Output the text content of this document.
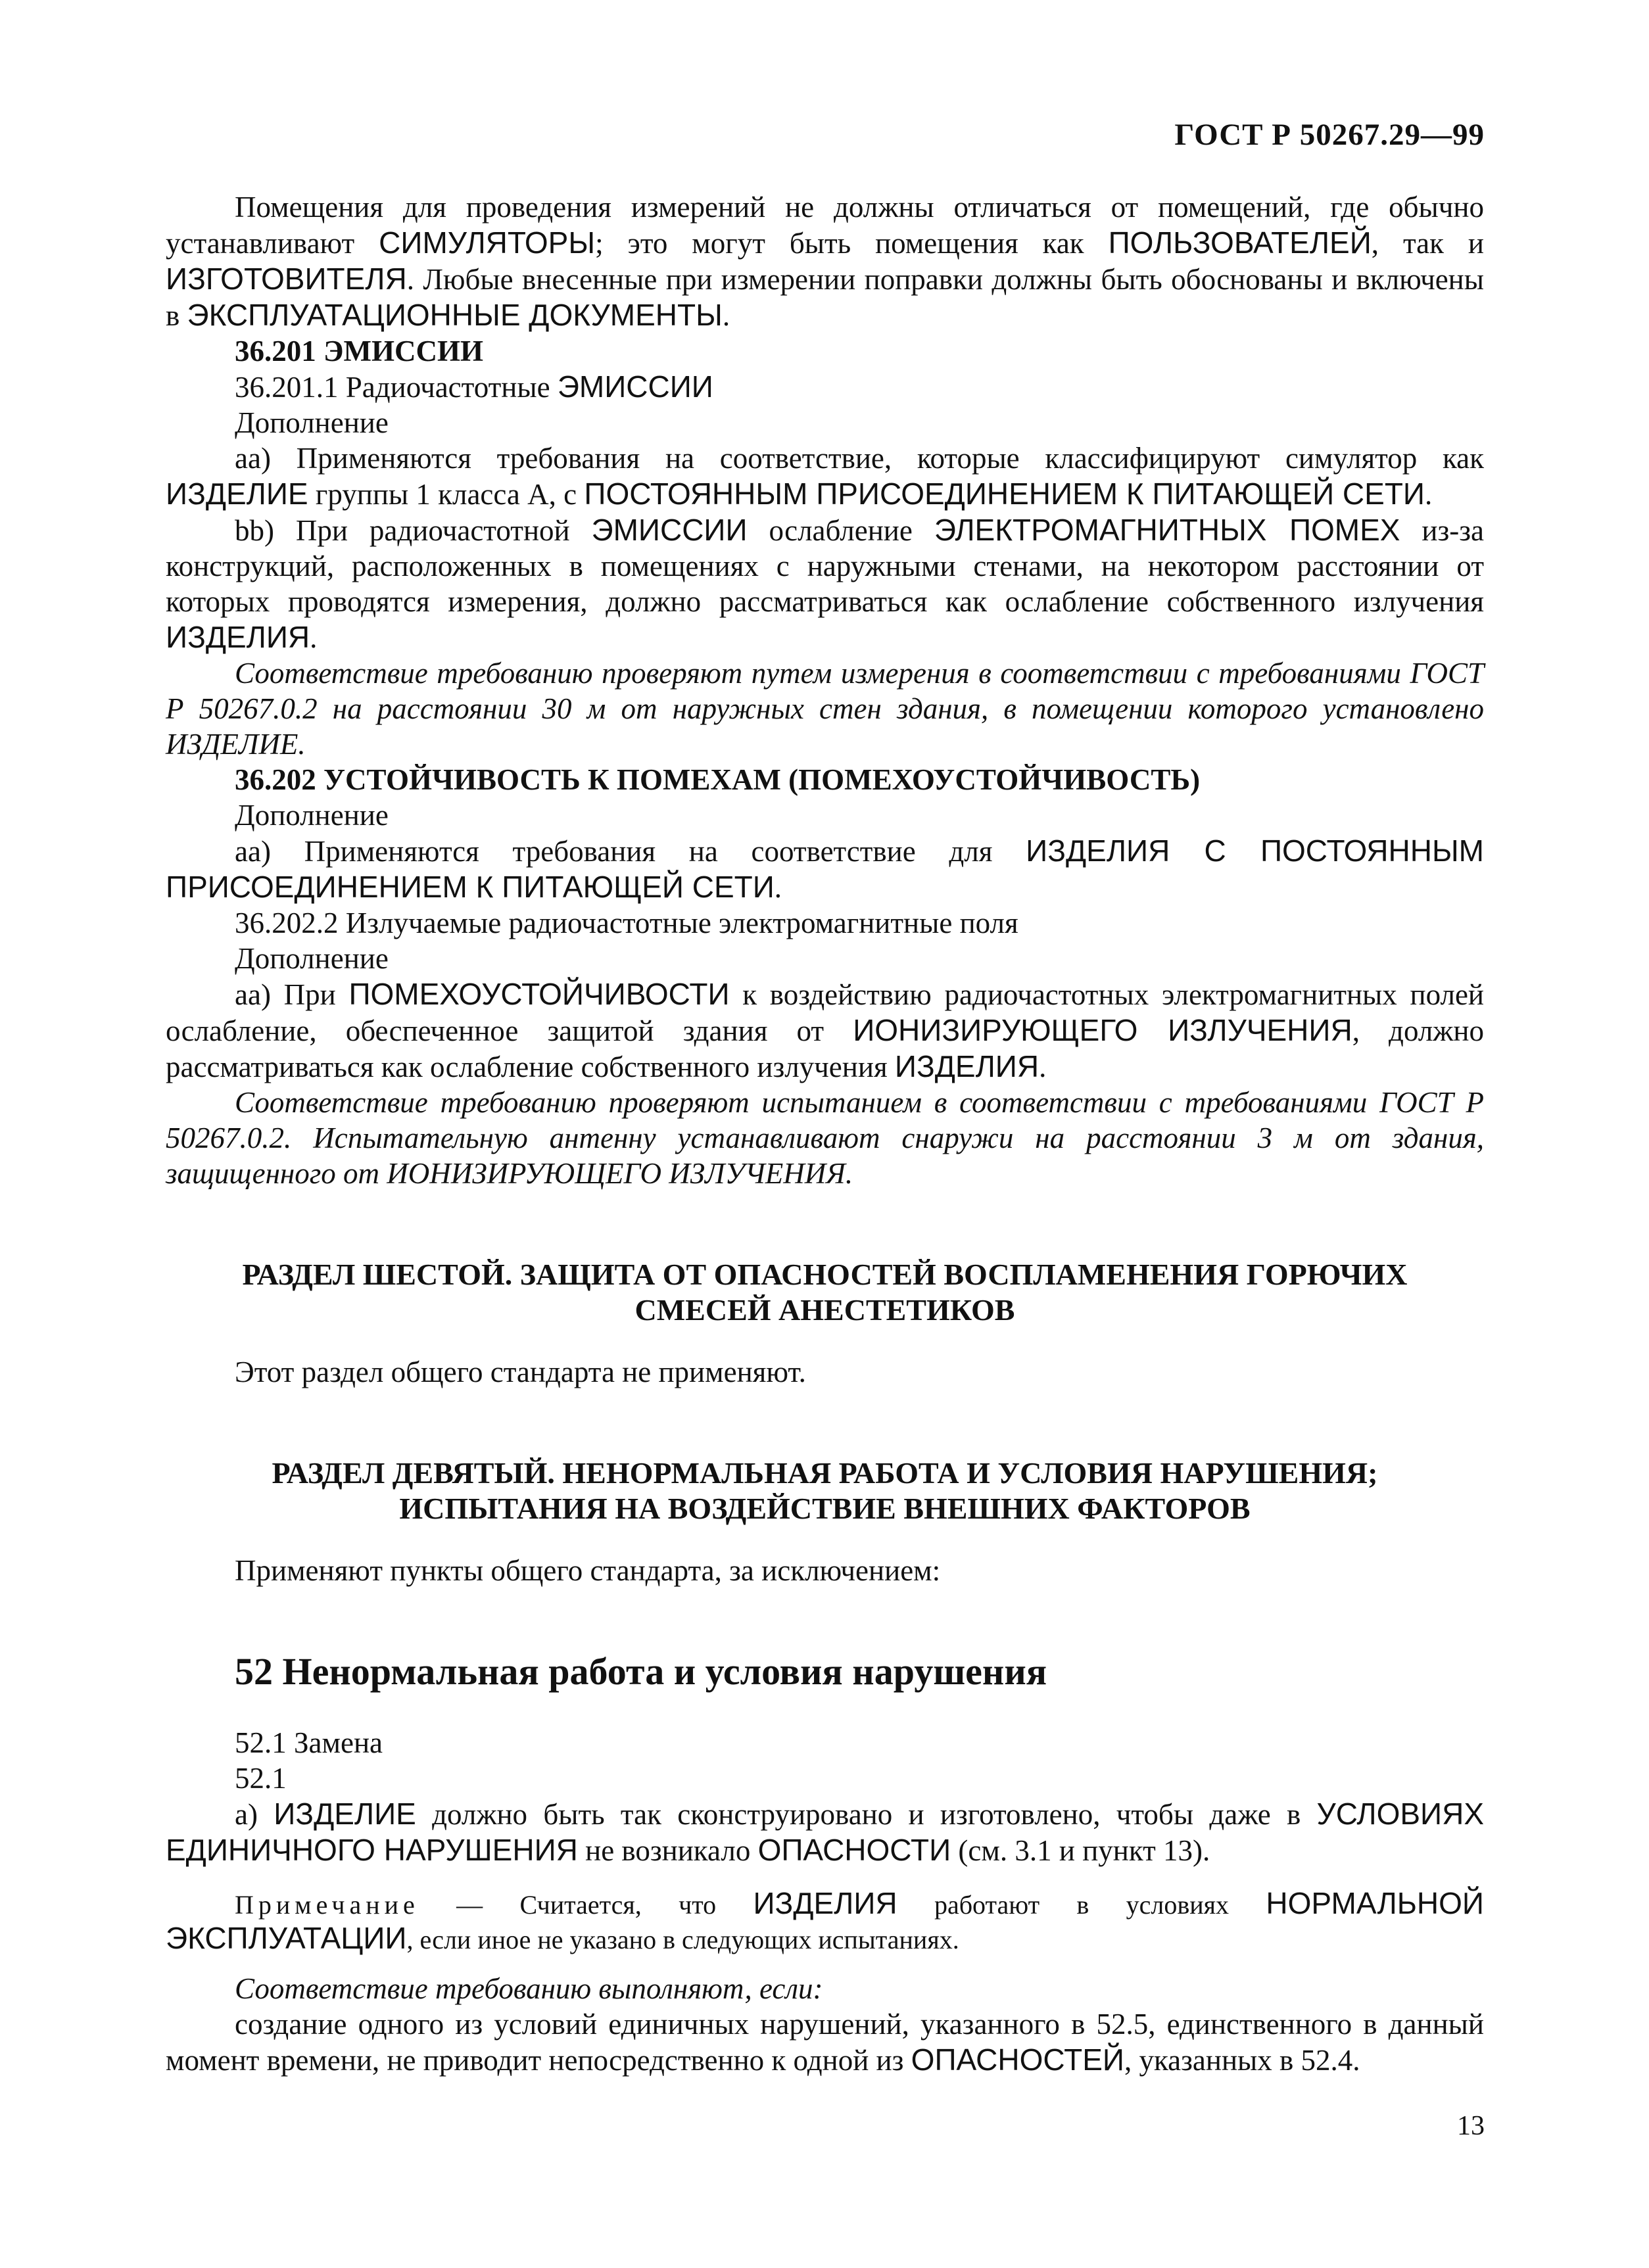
ГОСТ Р 50267.29—99

Помещения для проведения измерений не должны отличаться от помещений, где обычно устанавливают СИМУЛЯТОРЫ; это могут быть помещения как ПОЛЬЗОВАТЕЛЕЙ, так и ИЗГОТОВИТЕЛЯ. Любые внесенные при измерении поправки должны быть обоснованы и включены в ЭКСПЛУАТАЦИОННЫЕ ДОКУМЕНТЫ.

36.201 ЭМИССИИ

36.201.1 Радиочастотные ЭМИССИИ

Дополнение

аа) Применяются требования на соответствие, которые классифицируют симулятор как ИЗДЕЛИЕ группы 1 класса А, с ПОСТОЯННЫМ ПРИСОЕДИНЕНИЕМ К ПИТАЮЩЕЙ СЕТИ.

bb) При радиочастотной ЭМИССИИ ослабление ЭЛЕКТРОМАГНИТНЫХ ПОМЕХ из-за конструкций, расположенных в помещениях с наружными стенами, на некотором расстоянии от которых проводятся измерения, должно рассматриваться как ослабление собственного излучения ИЗДЕЛИЯ.

Соответствие требованию проверяют путем измерения в соответствии с требованиями ГОСТ Р 50267.0.2 на расстоянии 30 м от наружных стен здания, в помещении которого установлено ИЗДЕЛИЕ.

36.202 УСТОЙЧИВОСТЬ К ПОМЕХАМ (ПОМЕХОУСТОЙЧИВОСТЬ)

Дополнение

аа) Применяются требования на соответствие для ИЗДЕЛИЯ С ПОСТОЯННЫМ ПРИСОЕДИНЕНИЕМ К ПИТАЮЩЕЙ СЕТИ.

36.202.2 Излучаемые радиочастотные электромагнитные поля

Дополнение

аа) При ПОМЕХОУСТОЙЧИВОСТИ к воздействию радиочастотных электромагнитных полей ослабление, обеспеченное защитой здания от ИОНИЗИРУЮЩЕГО ИЗЛУЧЕНИЯ, должно рассматриваться как ослабление собственного излучения ИЗДЕЛИЯ.

Соответствие требованию проверяют испытанием в соответствии с требованиями ГОСТ Р 50267.0.2. Испытательную антенну устанавливают снаружи на расстоянии 3 м от здания, защищенного от ИОНИЗИРУЮЩЕГО ИЗЛУЧЕНИЯ.

РАЗДЕЛ ШЕСТОЙ. ЗАЩИТА ОТ ОПАСНОСТЕЙ ВОСПЛАМЕНЕНИЯ ГОРЮЧИХ СМЕСЕЙ АНЕСТЕТИКОВ

Этот раздел общего стандарта не применяют.

РАЗДЕЛ ДЕВЯТЫЙ. НЕНОРМАЛЬНАЯ РАБОТА И УСЛОВИЯ НАРУШЕНИЯ; ИСПЫТАНИЯ НА ВОЗДЕЙСТВИЕ ВНЕШНИХ ФАКТОРОВ

Применяют пункты общего стандарта, за исключением:

52 Ненормальная работа и условия нарушения

52.1 Замена

52.1

а) ИЗДЕЛИЕ должно быть так сконструировано и изготовлено, чтобы даже в УСЛОВИЯХ ЕДИНИЧНОГО НАРУШЕНИЯ не возникало ОПАСНОСТИ (см. 3.1 и пункт 13).

Примечание — Считается, что ИЗДЕЛИЯ работают в условиях НОРМАЛЬНОЙ ЭКСПЛУАТАЦИИ, если иное не указано в следующих испытаниях.

Соответствие требованию выполняют, если:

создание одного из условий единичных нарушений, указанного в 52.5, единственного в данный момент времени, не приводит непосредственно к одной из ОПАСНОСТЕЙ, указанных в 52.4.

13
